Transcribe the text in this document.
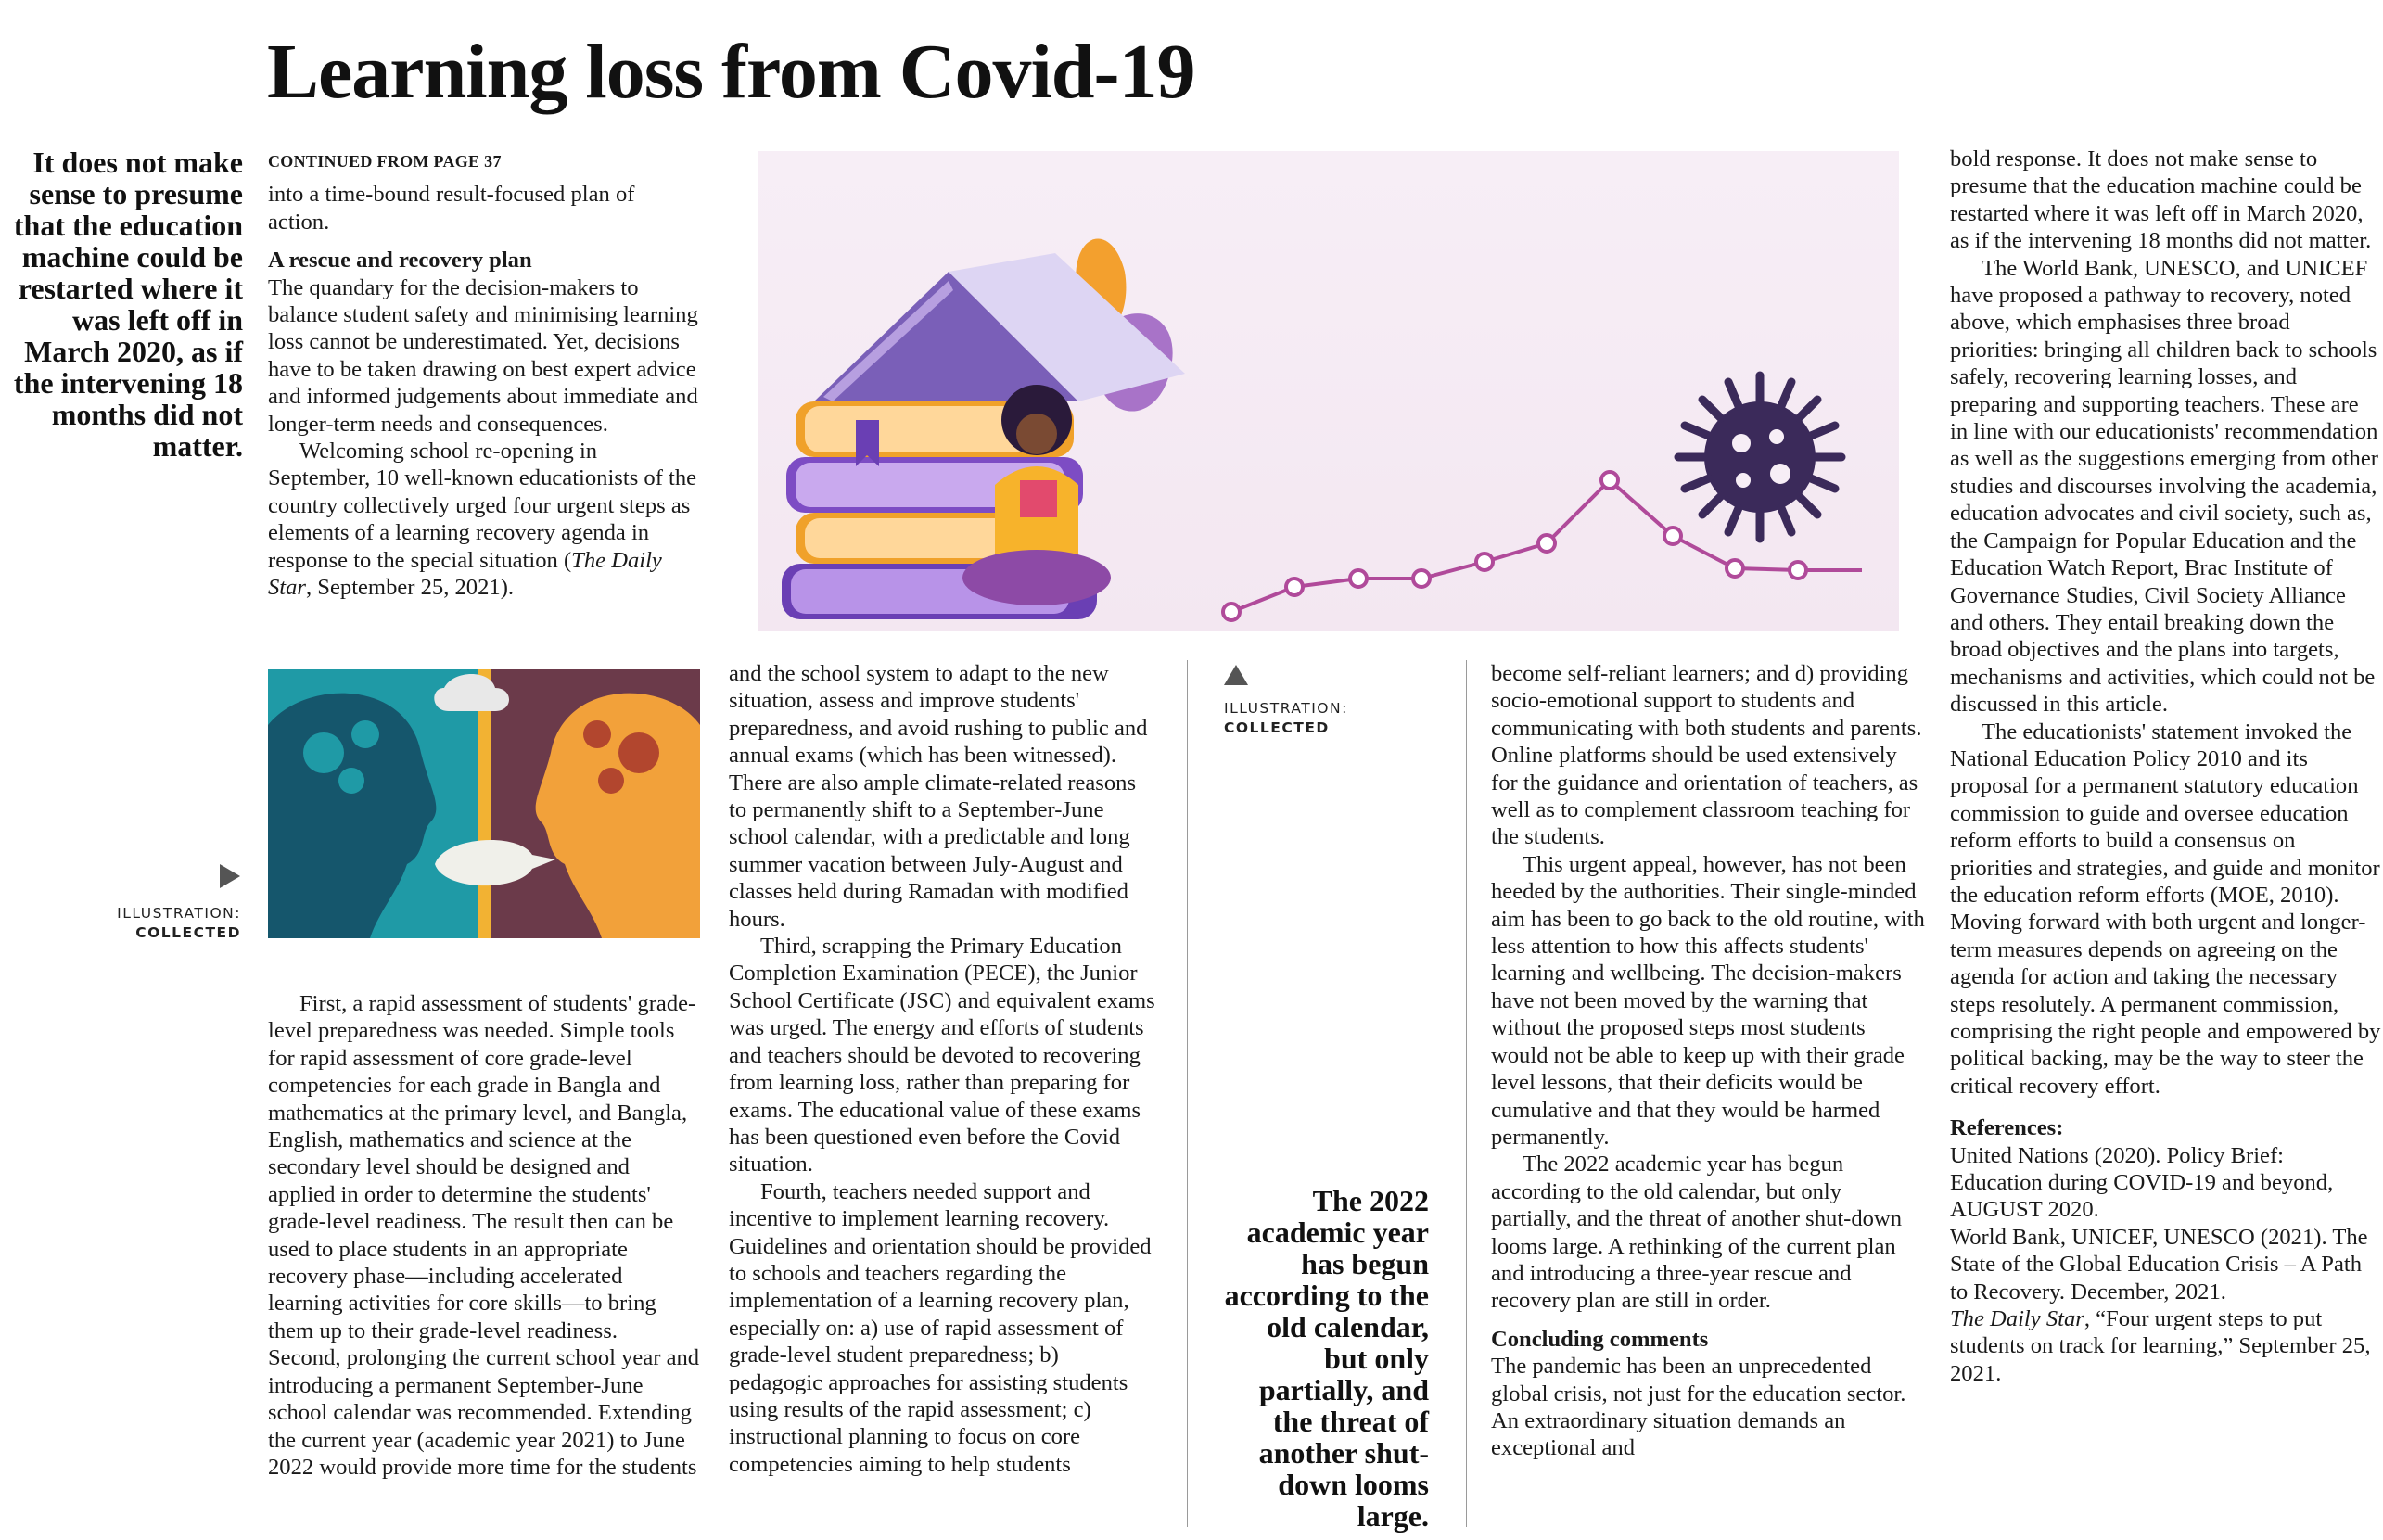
Learning loss from Covid-19
It does not make sense to presume that the education machine could be restarted where it was left off in March 2020, as if the intervening 18 months did not matter.
CONTINUED FROM PAGE 37

into a time-bound result-focused plan of action.

A rescue and recovery plan

The quandary for the decision-makers to balance student safety and minimising learning loss cannot be underestimated. Yet, decisions have to be taken drawing on best expert advice and informed judgements about immediate and longer-term needs and consequences.

Welcoming school re-opening in September, 10 well-known educationists of the country collectively urged four urgent steps as elements of a learning recovery agenda in response to the special situation (The Daily Star, September 25, 2021).

ILLUSTRATION:
COLLECTED

First, a rapid assessment of students' grade-level preparedness was needed. Simple tools for rapid assessment of core grade-level competencies for each grade in Bangla and mathematics at the primary level, and Bangla, English, mathematics and science at the secondary level should be designed and applied in order to determine the students' grade-level readiness. The result then can be used to place students in an appropriate recovery phase—including accelerated learning activities for core skills—to bring them up to their grade-level readiness.

Second, prolonging the current school year and introducing a permanent September-June school calendar was recommended. Extending the current year (academic year 2021) to June 2022 would provide more time for the students

and the school system to adapt to the new situation, assess and improve students' preparedness, and avoid rushing to public and annual exams (which has been witnessed). There are also ample climate-related reasons to permanently shift to a September-June school calendar, with a predictable and long summer vacation between July-August and classes held during Ramadan with modified hours.

Third, scrapping the Primary Education Completion Examination (PECE), the Junior School Certificate (JSC) and equivalent exams was urged. The energy and efforts of students and teachers should be devoted to recovering from learning loss, rather than preparing for exams. The educational value of these exams has been questioned even before the Covid situation.

Fourth, teachers needed support and incentive to implement learning recovery. Guidelines and orientation should be provided to schools and teachers regarding the implementation of a learning recovery plan, especially on: a) use of rapid assessment of grade-level student preparedness; b) pedagogic approaches for assisting students using results of the rapid assessment; c) instructional planning to focus on core competencies aiming to help students

ILLUSTRATION:
COLLECTED
The 2022 academic year has begun according to the old calendar, but only partially, and the threat of another shut-down looms large.

become self-reliant learners; and d) providing socio-emotional support to students and communicating with both students and parents. Online platforms should be used extensively for the guidance and orientation of teachers, as well as to complement classroom teaching for the students.

This urgent appeal, however, has not been heeded by the authorities. Their single-minded aim has been to go back to the old routine, with less attention to how this affects students' learning and wellbeing. The decision-makers have not been moved by the warning that without the proposed steps most students would not be able to keep up with their grade level lessons, that their deficits would be cumulative and that they would be harmed permanently.

The 2022 academic year has begun according to the old calendar, but only partially, and the threat of another shut-down looms large. A rethinking of the current plan and introducing a three-year rescue and recovery plan are still in order.

Concluding comments

The pandemic has been an unprecedented global crisis, not just for the education sector. An extraordinary situation demands an exceptional and

bold response. It does not make sense to presume that the education machine could be restarted where it was left off in March 2020, as if the intervening 18 months did not matter.

The World Bank, UNESCO, and UNICEF have proposed a pathway to recovery, noted above, which emphasises three broad priorities: bringing all children back to schools safely, recovering learning losses, and preparing and supporting teachers. These are in line with our educationists' recommendation as well as the suggestions emerging from other studies and discourses involving the academia, education advocates and civil society, such as, the Campaign for Popular Education and the Education Watch Report, Brac Institute of Governance Studies, Civil Society Alliance and others. They entail breaking down the broad objectives and the plans into targets, mechanisms and activities, which could not be discussed in this article.

The educationists' statement invoked the National Education Policy 2010 and its proposal for a permanent statutory education commission to guide and oversee education reform efforts to build a consensus on priorities and strategies, and guide and monitor the education reform efforts (MOE, 2010). Moving forward with both urgent and longer-term measures depends on agreeing on the agenda for action and taking the necessary steps resolutely. A permanent commission, comprising the right people and empowered by political backing, may be the way to steer the critical recovery effort.

References:

United Nations (2020). Policy Brief: Education during COVID-19 and beyond, AUGUST 2020.

World Bank, UNICEF, UNESCO (2021). The State of the Global Education Crisis – A Path to Recovery. December, 2021.

The Daily Star, “Four urgent steps to put students on track for learning,” September 25, 2021.
